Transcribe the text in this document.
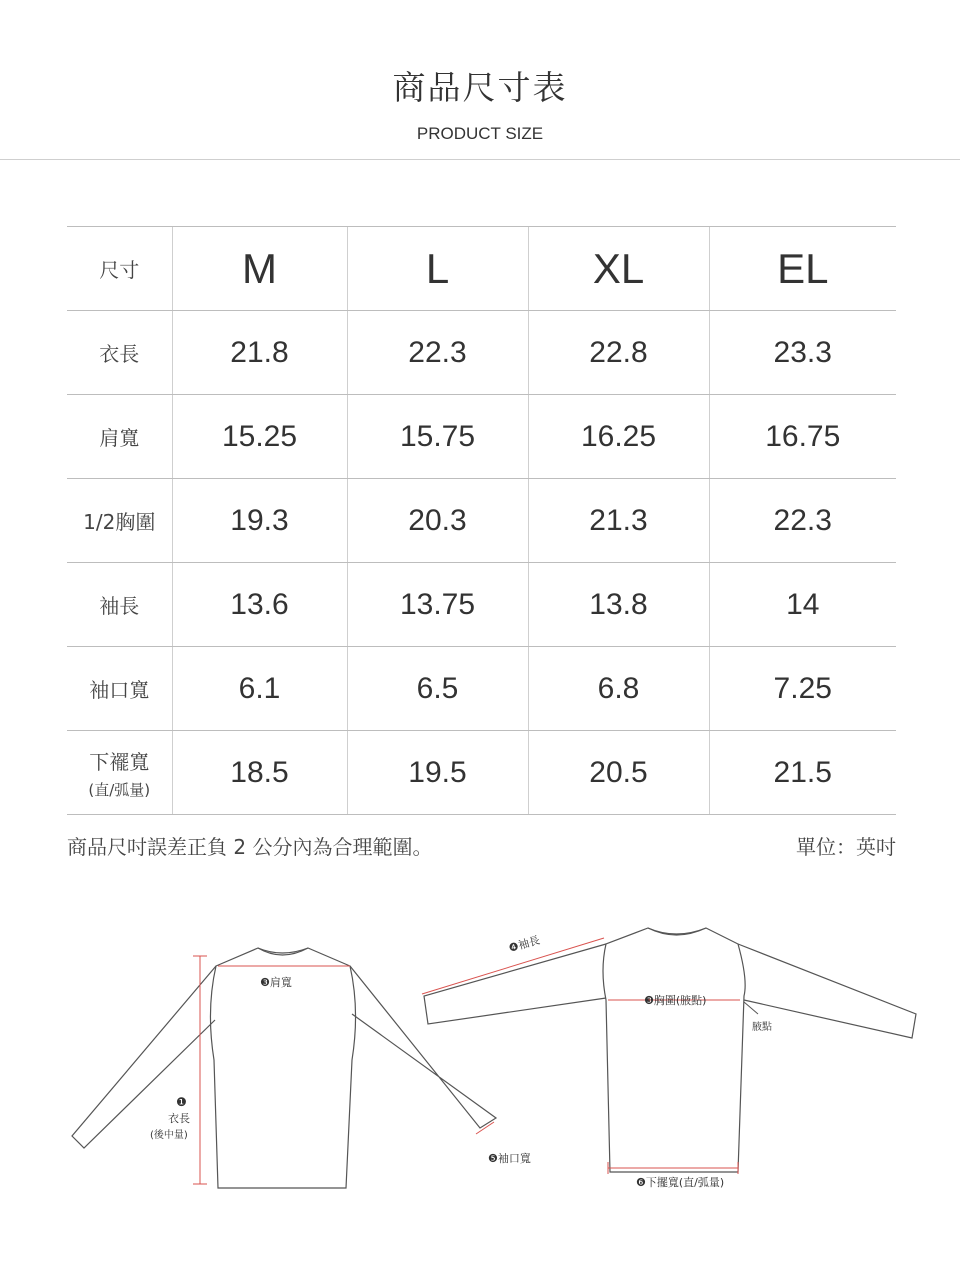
商品尺寸表
PRODUCT SIZE
尺寸	M	L	XL	EL
衣長	21.8	22.3	22.8	23.3
肩寬	15.25	15.75	16.25	16.75
1/2胸圍	19.3	20.3	21.3	22.3
袖長	13.6	13.75	13.8	14
袖口寬	6.1	6.5	6.8	7.25
下襬寬
(直/弧量)	18.5	19.5	20.5	21.5
商品尺吋誤差正負 2 公分內為合理範圍。	單位：英吋
❸肩寬
❶
衣長
(後中量)
❺袖口寬
❹袖長
❸胸圍(腋點)
腋點
❻下擺寬(直/弧量)
